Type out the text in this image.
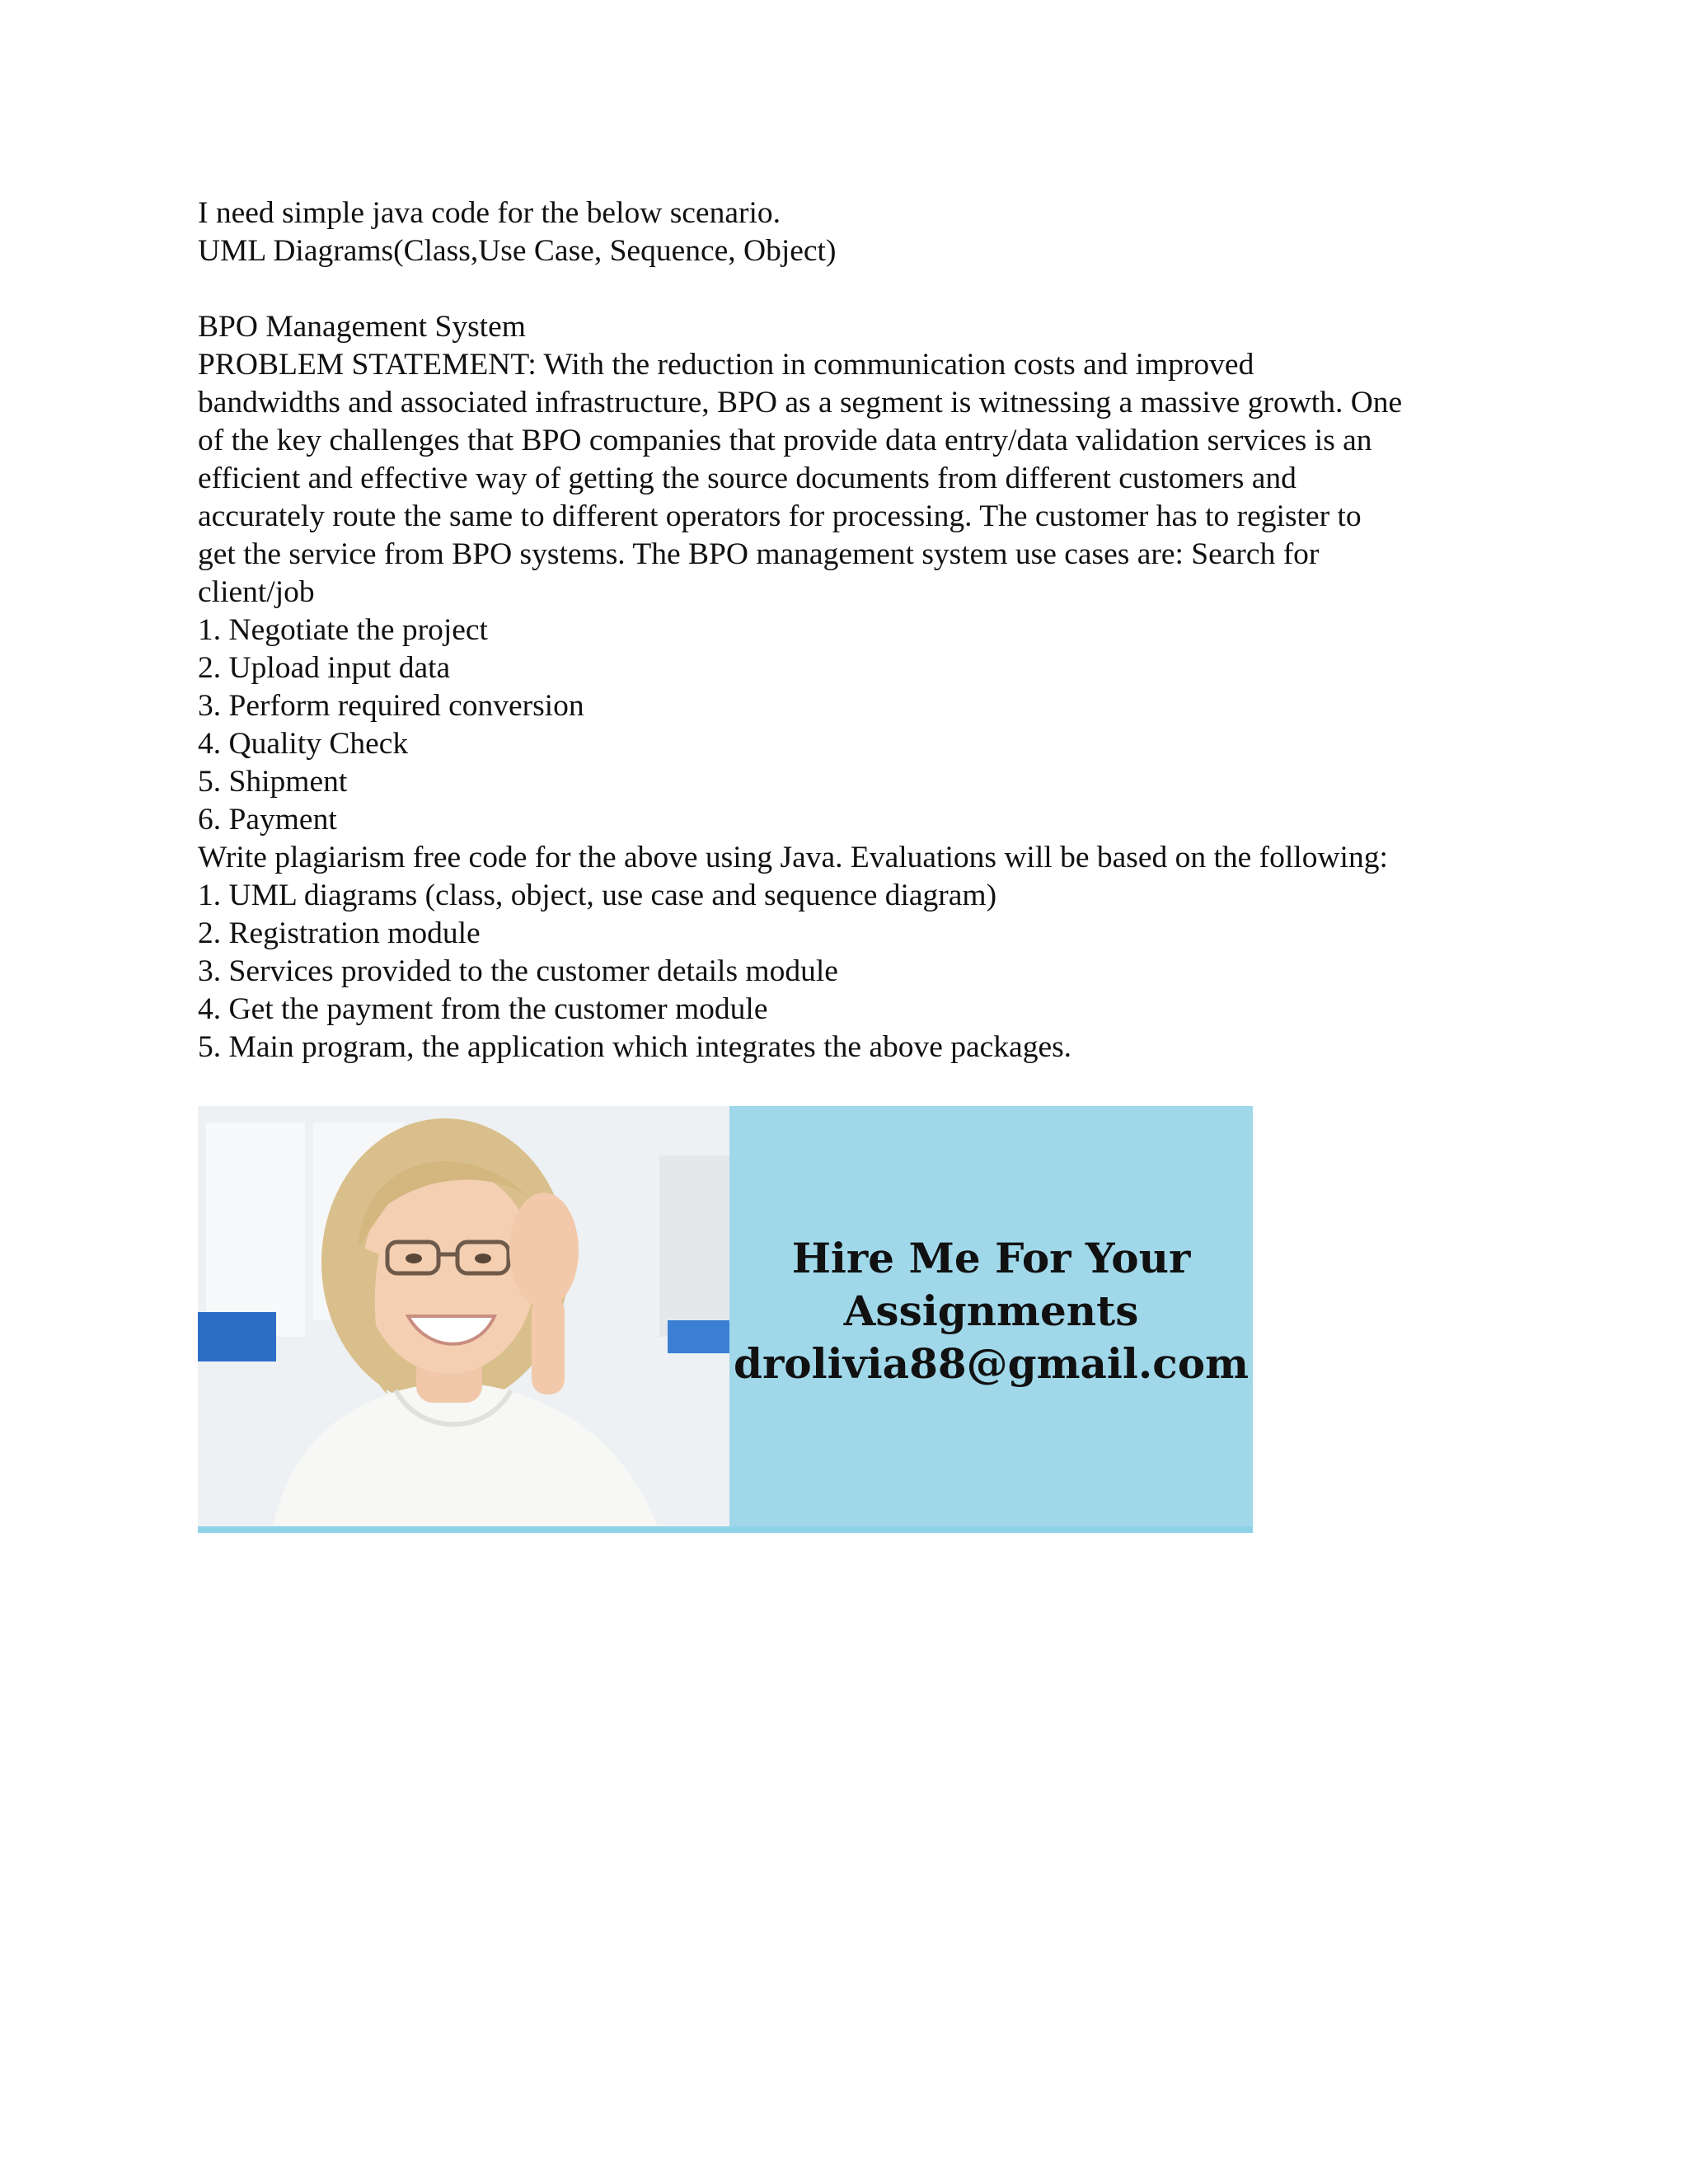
I need simple java code for the below scenario.
UML Diagrams(Class,Use Case, Sequence, Object)
BPO Management System
PROBLEM STATEMENT: With the reduction in communication costs and improved
bandwidths and associated infrastructure, BPO as a segment is witnessing a massive growth. One
of the key challenges that BPO companies that provide data entry/data validation services is an
efficient and effective way of getting the source documents from different customers and
accurately route the same to different operators for processing. The customer has to register to
get the service from BPO systems. The BPO management system use cases are: Search for
client/job
1. Negotiate the project
2. Upload input data
3. Perform required conversion
4. Quality Check
5. Shipment
6. Payment
Write plagiarism free code for the above using Java. Evaluations will be based on the following:
1. UML diagrams (class, object, use case and sequence diagram)
2. Registration module
3. Services provided to the customer details module
4. Get the payment from the customer module
5. Main program, the application which integrates the above packages.
Hire Me For Your
Assignments
drolivia88@gmail.com
